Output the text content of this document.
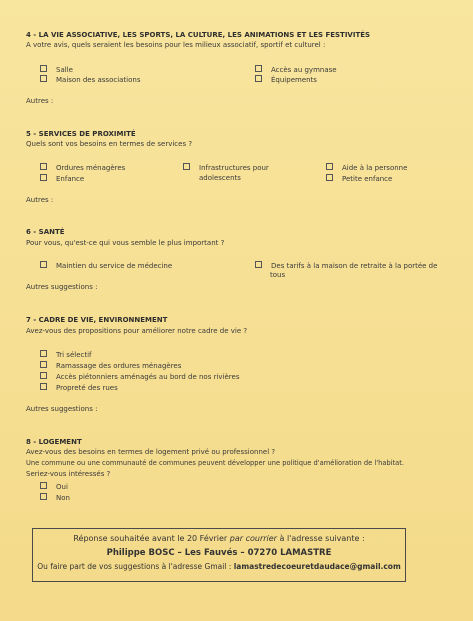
4 - LA VIE ASSOCIATIVE, LES SPORTS, LA CULTURE, LES ANIMATIONS ET LES FESTIVITÉS
A votre avis, quels seraient les besoins pour les milieux associatif, sportif et culturel :
Salle
Maison des associations
Accès au gymnase
Équipements
Autres :
5 - SERVICES DE PROXIMITÉ
Quels sont vos besoins en termes de services ?
Ordures ménagères
Enfance
Infrastructures pour
adolescents
Aide à la personne
Petite enfance
Autres :
6 - SANTÉ
Pour vous, qu'est-ce qui vous semble le plus important ?
Maintien du service de médecine	Des tarifs à la maison de retraite à la portée de
tous
Autres suggestions :
7 - CADRE DE VIE, ENVIRONNEMENT
Avez-vous des propositions pour améliorer notre cadre de vie ?
Tri sélectif
Ramassage des ordures ménagères
Accès piétonniers aménagés au bord de nos rivières
Propreté des rues
Autres suggestions :
8 - LOGEMENT
Avez-vous des besoins en termes de logement privé ou professionnel ?
Une commune ou une communauté de communes peuvent développer une politique d'amélioration de l'habitat.
Seriez-vous intéressés ?
Oui
Non
Réponse souhaitée avant le 20 Février par courrier à l'adresse suivante :
Philippe BOSC – Les Fauvés – 07270 LAMASTRE
Ou faire part de vos suggestions à l'adresse Gmail : lamastredecoeuretdaudace@gmail.com
